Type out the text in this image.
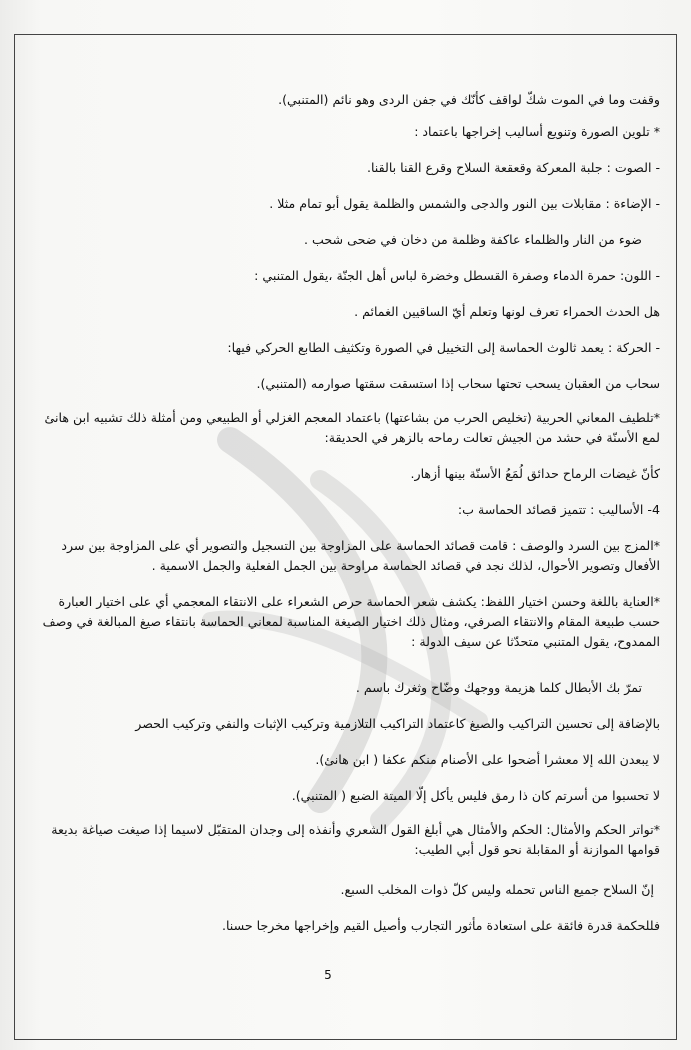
وقفت وما في الموت شكّ لواقف كأنّك في جفن الردى وهو نائم (المتنبي).
* تلوين الصورة وتنويع أساليب إخراجها باعتماد :
- الصوت : جلبة المعركة وقعقعة السلاح وقرع القنا بالقنا.
- الإضاءة : مقابلات بين النور والدجى والشمس والظلمة يقول أبو تمام مثلا .
ضوء من النار والظلماء عاكفة وظلمة من دخان في ضحى شحب .
- اللون: حمرة الدماء وصفرة القسطل وخضرة لباس أهل الجنّة ،يقول المتنبي :
هل الحدث الحمراء تعرف لونها وتعلم أيّ الساقيين الغمائم .
- الحركة : يعمد ثالوث الحماسة إلى التخييل في الصورة وتكثيف الطابع الحركي فيها:
سحاب من العقبان يسحب تحتها سحاب إذا استسقت سقتها صوارمه (المتنبي).
*تلطيف المعاني الحربية (تخليص الحرب من بشاعتها) باعتماد المعجم الغزلي أو الطبيعي ومن أمثلة ذلك تشبيه ابن هانئ لمع الأسنّة في حشد من الجيش تعالت رماحه بالزهر في الحديقة:
كأنّ غيضات الرماح حدائق لُمَعُ الأسنّة بينها أزهار.
4- الأساليب : تتميز قصائد الحماسة ب:
*المزج بين السرد والوصف : قامت قصائد الحماسة على المزاوجة بين التسجيل والتصوير أي على المزاوجة بين سرد الأفعال وتصوير الأحوال، لذلك نجد في قصائد الحماسة مراوحة بين الجمل الفعلية والجمل الاسمية .
*العناية باللغة وحسن اختيار اللفظ: يكشف شعر الحماسة حرص الشعراء على الانتقاء المعجمي أي على اختيار العبارة حسب طبيعة المقام والانتقاء الصرفي، ومثال ذلك اختيار الصيغة المناسبة لمعاني الحماسة بانتقاء صيغ المبالغة في وصف الممدوح، يقول المتنبي متحدّثا عن سيف الدولة :
تمرّ بك الأبطال كلما هزيمة ووجهك وضّاح وثغرك باسم .
بالإضافة إلى تحسين التراكيب والصيغ كاعتماد التراكيب التلازمية وتركيب الإثبات والنفي وتركيب الحصر
لا يبعدن الله إلا معشرا أضحوا على الأصنام منكم عكفا ( ابن هانئ).
لا تحسبوا من أسرتم كان ذا رمق فليس يأكل إلّا الميتة الضبع ( المتنبي).
*تواتر الحكم والأمثال: الحكم والأمثال هي أبلغ القول الشعري وأنفذه إلى وجدان المتقبّل لاسيما إذا صيغت صياغة بديعة قوامها الموازنة أو المقابلة نحو قول أبي الطيب:
إنّ السلاح جميع الناس تحمله وليس كلّ ذوات المخلب السبع.
فللحكمة قدرة فائقة على استعادة مأثور التجارب وأصيل القيم وإخراجها مخرجا حسنا.
5
